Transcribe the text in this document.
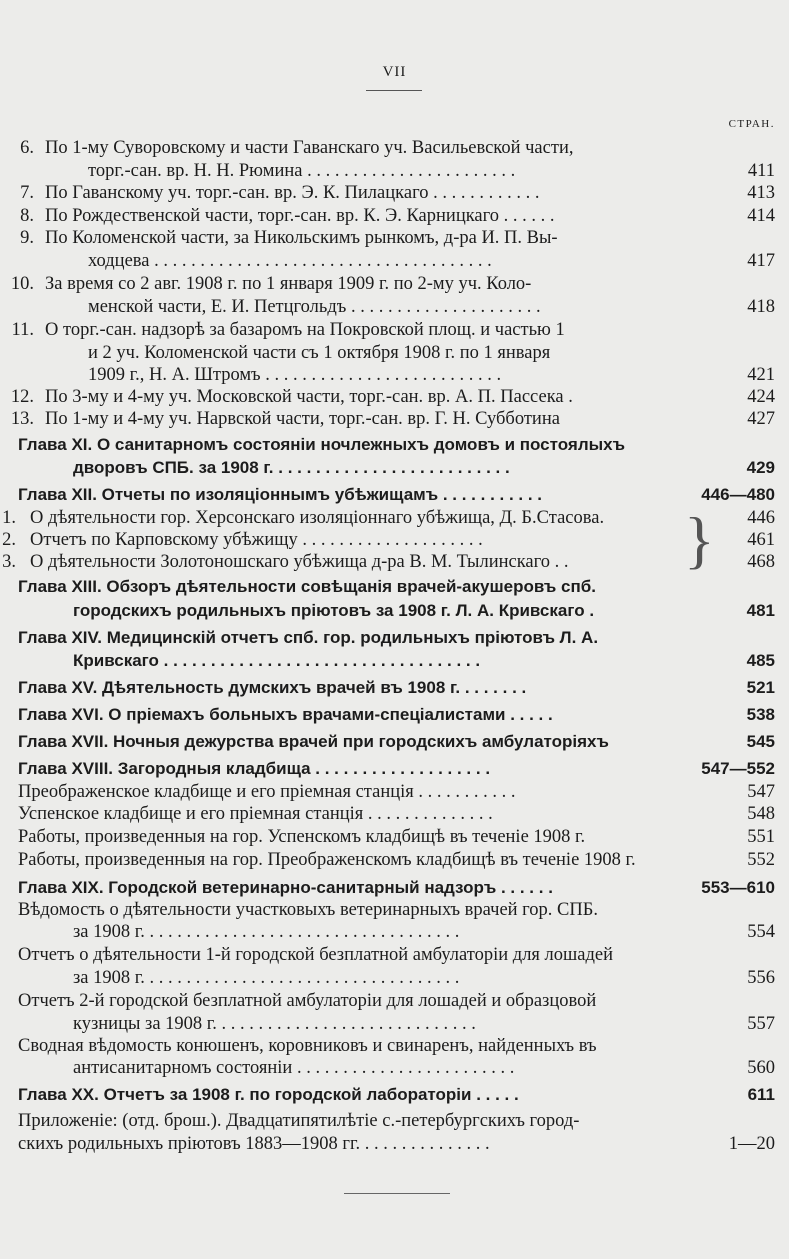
VII
СТРАН.
6. По 1-му Суворовскому и части Гаванскаго уч. Васильевской части,
торг.-сан. вр. Н. Н. Рюмина . . . . . . . . . . . . . . . . . . . . . . .	411
7. По Гаванскому уч. торг.-сан. вр. Э. К. Пилацкаго . . . . . . . . . . . .	413
8. По Рождественской части, торг.-сан. вр. К. Э. Карницкаго . . . . . .	414
9. По Коломенской части, за Никольскимъ рынкомъ, д-ра И. П. Вы-
ходцева . . . . . . . . . . . . . . . . . . . . . . . . . . . . . . . . . . . . .	417
10. За время со 2 авг. 1908 г. по 1 января 1909 г. по 2-му уч. Коло-
менской части, Е. И. Петцгольдъ . . . . . . . . . . . . . . . . . . . . .	418
11. О торг.-сан. надзорѣ за базаромъ на Покровской площ. и частью 1
и 2 уч. Коломенской части съ 1 октября 1908 г. по 1 января
1909 г., Н. А. Штромъ . . . . . . . . . . . . . . . . . . . . . . . . . .	421
12. По 3-му и 4-му уч. Московской части, торг.-сан. вр. А. П. Пассека .	424
13. По 1-му и 4-му уч. Нарвской части, торг.-сан. вр. Г. Н. Субботина	427
Глава XI. О санитарномъ состояніи ночлежныхъ домовъ и постоялыхъ
дворовъ СПБ. за 1908 г. . . . . . . . . . . . . . . . . . . . . . . . . .	429
Глава XII. Отчеты по изоляціоннымъ убѣжищамъ . . . . . . . . . . .	446—480
1. О дѣятельности гор. Херсонскаго изоляціоннаго убѣжища, Д. Б.Стасова.	446
2. Отчетъ по Карповскому убѣжищу . . . . . . . . . . . . . . . . . . . .	461
3. О дѣятельности Золотоношскаго убѣжища д-ра В. М. Тылинскаго . .	468
Глава XIII. Обзоръ дѣятельности совѣщанія врачей-акушеровъ спб.
городскихъ родильныхъ пріютовъ за 1908 г. Л. А. Кривскаго .	481
Глава XIV. Медицинскій отчетъ спб. гор. родильныхъ пріютовъ Л. А.
Кривскаго . . . . . . . . . . . . . . . . . . . . . . . . . . . . . . . . . .	485
Глава XV. Дѣятельность думскихъ врачей въ 1908 г. . . . . . . .	521
Глава XVI. О пріемахъ больныхъ врачами-спеціалистами . . . . .	538
Глава XVII. Ночныя дежурства врачей при городскихъ амбулаторіяхъ	545
Глава XVIII. Загородныя кладбища . . . . . . . . . . . . . . . . . . .	547—552
Преображенское кладбище и его пріемная станція . . . . . . . . . . .	547
Успенское кладбище и его пріемная станція . . . . . . . . . . . . . .	548
Работы, произведенныя на гор. Успенскомъ кладбищѣ въ теченіе 1908 г.	551
Работы, произведенныя на гор. Преображенскомъ кладбищѣ въ теченіе 1908 г.	552
Глава XIX. Городской ветеринарно-санитарный надзоръ . . . . . .	553—610
Вѣдомость о дѣятельности участковыхъ ветеринарныхъ врачей гор. СПБ.
за 1908 г. . . . . . . . . . . . . . . . . . . . . . . . . . . . . . . . . . .	554
Отчетъ о дѣятельности 1-й городской безплатной амбулаторіи для лошадей
за 1908 г. . . . . . . . . . . . . . . . . . . . . . . . . . . . . . . . . . .	556
Отчетъ 2-й городской безплатной амбулаторіи для лошадей и образцовой
кузницы за 1908 г. . . . . . . . . . . . . . . . . . . . . . . . . . . . .	557
Сводная вѣдомость конюшенъ, коровниковъ и свинаренъ, найденныхъ въ
антисанитарномъ состояніи . . . . . . . . . . . . . . . . . . . . . . . .	560
Глава XX. Отчетъ за 1908 г. по городской лабораторіи . . . . .	611
Приложеніе: (отд. брош.). Двадцатипятилѣтіе с.-петербургскихъ город-
скихъ родильныхъ пріютовъ 1883—1908 гг. . . . . . . . . . . . . . .	1—20
}
